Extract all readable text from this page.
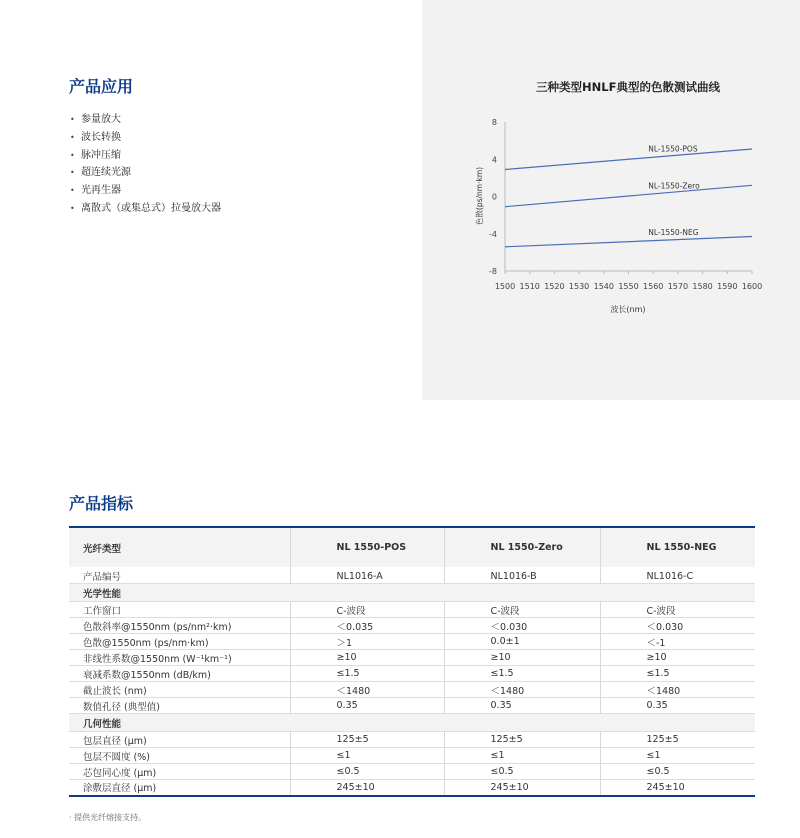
产品应用
• 参量放大
• 波长转换
• 脉冲压缩
• 超连续光源
• 光再生器
• 离散式（或集总式）拉曼放大器
三种类型HNLF典型的色散测试曲线
波长(nm)
色散(ps/nm·km)
1500 1510 1520 1530 1540 1550 1560 1570 1580 1590 1600
8
4
0
-4
-8
NL-1550-POS
NL-1550-Zero
NL-1550-NEG
产品指标
光纤类型	NL 1550-POS	NL 1550-Zero	NL 1550-NEG
产品编号	NL1016-A	NL1016-B	NL1016-C
光学性能			
工作窗口	C-波段	C-波段	C-波段
色散斜率@1550nm (ps/nm²·km)	＜0.035	＜0.030	＜0.030
色散@1550nm (ps/nm·km)	＞1	0.0±1	＜-1
非线性系数@1550nm (W⁻¹km⁻¹)	≥10	≥10	≥10
衰减系数@1550nm (dB/km)	≤1.5	≤1.5	≤1.5
截止波长 (nm)	＜1480	＜1480	＜1480
数值孔径 (典型值)	0.35	0.35	0.35
几何性能			
包层直径 (μm)	125±5	125±5	125±5
包层不圆度 (%)	≤1	≤1	≤1
芯包同心度 (μm)	≤0.5	≤0.5	≤0.5
涂敷层直径 (μm)	245±10	245±10	245±10
· 提供光纤熔接支持。
